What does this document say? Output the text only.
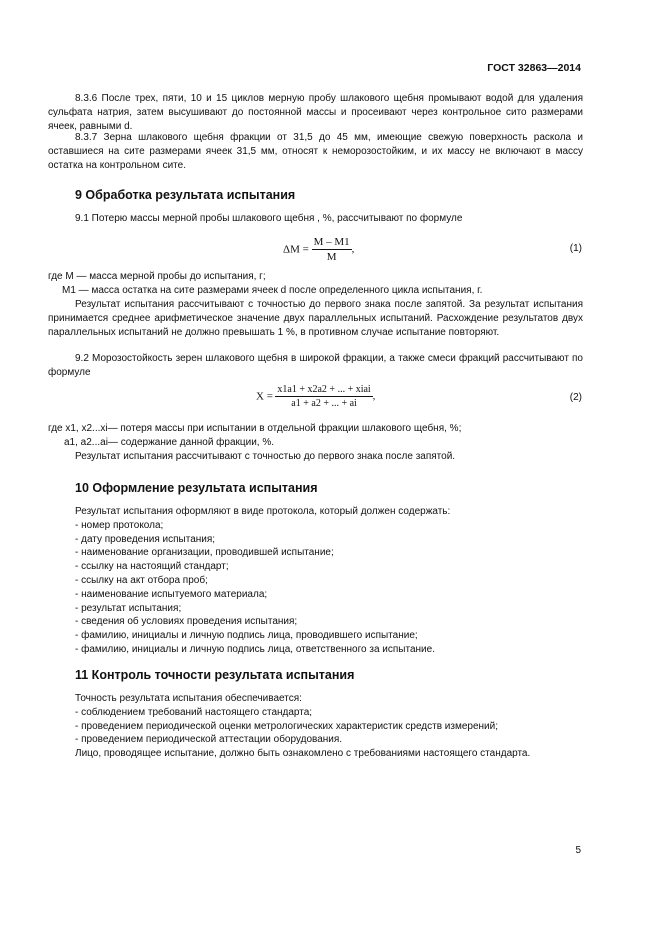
ГОСТ 32863—2014
8.3.6 После трех, пяти, 10 и 15 циклов мерную пробу шлакового щебня промывают водой для удаления сульфата натрия, затем высушивают до постоянной массы и просеивают через контрольное сито размерами ячеек, равными d.
8.3.7 Зерна шлакового щебня фракции от 31,5 до 45 мм, имеющие свежую поверхность раскола и оставшиеся на сите размерами ячеек 31,5 мм, относят к неморозостойким, и их массу не включают в массу остатка на контрольном сите.
9 Обработка результата испытания
9.1 Потерю массы мерной пробы шлакового щебня , %, рассчитывают по формуле
$\Delta M = \frac{M - M1}{M}$ ,	(1)
где M — масса мерной пробы до испытания, г;
M1 — масса остатка на сите размерами ячеек d после определенного цикла испытания, г.
Результат испытания рассчитывают с точностью до первого знака после запятой. За результат испытания принимается среднее арифметическое значение двух параллельных испытаний. Расхождение результатов двух параллельных испытаний не должно превышать 1 %, в противном случае испытание повторяют.
9.2 Морозостойкость зерен шлакового щебня в широкой фракции, а также смеси фракций рассчитывают по формуле
$X = \frac{\text{x1a1 + x2a2 + ... + xiai}}{a1 + a2 + ... + ai}$ ,	(2)
где x1, x2...xi— потеря массы при испытании в отдельной фракции шлакового щебня, %;
a1, a2...ai— содержание данной фракции, %.
Результат испытания рассчитывают с точностью до первого знака после запятой.
10 Оформление результата испытания
Результат испытания оформляют в виде протокола, который должен содержать:
- номер протокола;
- дату проведения испытания;
- наименование организации, проводившей испытание;
- ссылку на настоящий стандарт;
- ссылку на акт отбора проб;
- наименование испытуемого материала;
- результат испытания;
- сведения об условиях проведения испытания;
- фамилию, инициалы и личную подпись лица, проводившего испытание;
- фамилию, инициалы и личную подпись лица, ответственного за испытание.
11 Контроль точности результата испытания
Точность результата испытания обеспечивается:
- соблюдением требований настоящего стандарта;
- проведением периодической оценки метрологических характеристик средств измерений;
- проведением периодической аттестации оборудования.
Лицо, проводящее испытание, должно быть ознакомлено с требованиями настоящего стандарта.
5
